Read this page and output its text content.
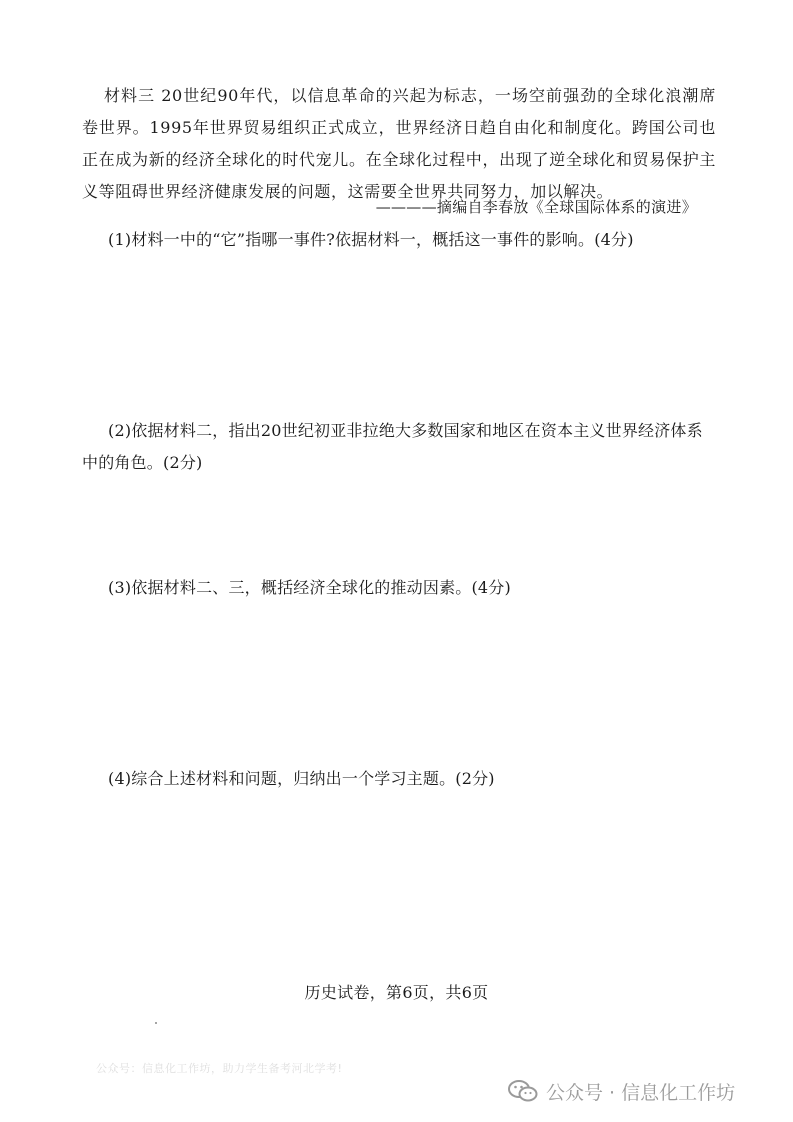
材料三 20世纪90年代，以信息革命的兴起为标志，一场空前强劲的全球化浪潮席卷世界。1995年世界贸易组织正式成立，世界经济日趋自由化和制度化。跨国公司也正在成为新的经济全球化的时代宠儿。在全球化过程中，出现了逆全球化和贸易保护主义等阻碍世界经济健康发展的问题，这需要全世界共同努力，加以解决。

————摘编自李春放《全球国际体系的演进》

(1)材料一中的“它”指哪一事件?依据材料一，概括这一事件的影响。(4分)

(2)依据材料二，指出20世纪初亚非拉绝大多数国家和地区在资本主义世界经济体系中的角色。(2分)

(3)依据材料二、三，概括经济全球化的推动因素。(4分)

(4)综合上述材料和问题，归纳出一个学习主题。(2分)

历史试卷，第6页，共6页
公众号：信息化工作坊，助力学生备考河北学考!
公众号 · 信息化工作坊
